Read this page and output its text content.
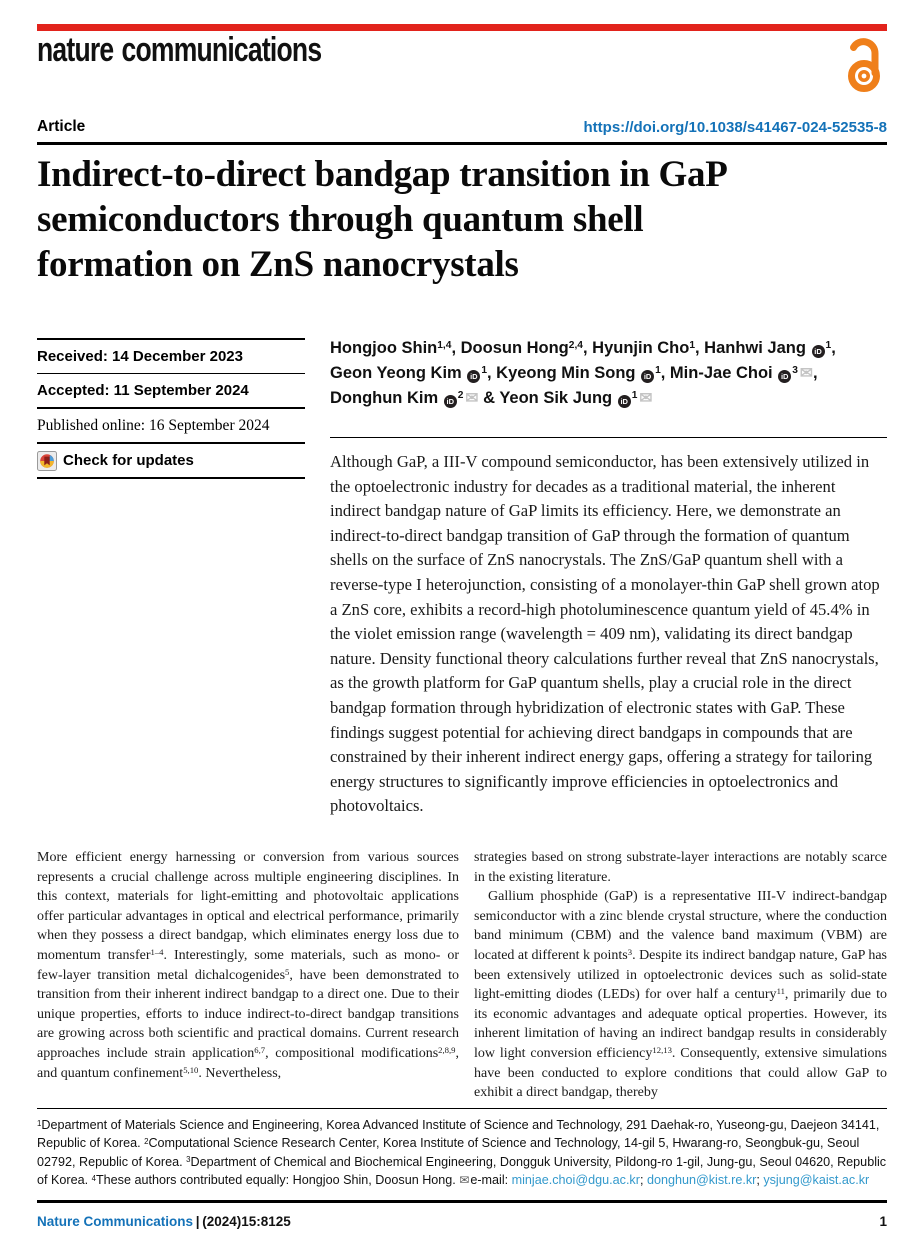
nature communications
Article	https://doi.org/10.1038/s41467-024-52535-8
Indirect-to-direct bandgap transition in GaP
semiconductors through quantum shell
formation on ZnS nanocrystals
Received: 14 December 2023
Accepted: 11 September 2024
Published online: 16 September 2024
Check for updates
Hongjoo Shin$^{1,4}$, Doosun Hong$^{2,4}$, Hyunjin Cho$^1$, Hanhwi Jang $iD^1$,
Geon Yeong Kim $iD^1$, Kyeong Min Song $iD^1$, Min-Jae Choi $iD^3$ ✉,
Donghun Kim $iD^2$ ✉ & Yeon Sik Jung $iD^1$ ✉
Although GaP, a III-V compound semiconductor, has been extensively utilized in the optoelectronic industry for decades as a traditional material, the inherent indirect bandgap nature of GaP limits its efficiency. Here, we demonstrate an indirect-to-direct bandgap transition of GaP through the formation of quantum shells on the surface of ZnS nanocrystals. The ZnS/GaP quantum shell with a reverse-type I heterojunction, consisting of a monolayer-thin GaP shell grown atop a ZnS core, exhibits a record-high photoluminescence quantum yield of 45.4% in the violet emission range (wavelength = 409 nm), validating its direct bandgap nature. Density functional theory calculations further reveal that ZnS nanocrystals, as the growth platform for GaP quantum shells, play a crucial role in the direct bandgap formation through hybridization of electronic states with GaP. These findings suggest potential for achieving direct bandgaps in compounds that are constrained by their inherent indirect energy gaps, offering a strategy for tailoring energy structures to significantly improve efficiencies in optoelectronics and photovoltaics.

More efficient energy harnessing or conversion from various sources represents a crucial challenge across multiple engineering disciplines. In this context, materials for light-emitting and photovoltaic applications offer particular advantages in optical and electrical performance, primarily when they possess a direct bandgap, which eliminates energy loss due to momentum transfer$^{1-4}$. Interestingly, some materials, such as mono- or few-layer transition metal dichalcogenides$^5$, have been demonstrated to transition from their inherent indirect bandgap to a direct one. Due to their unique properties, efforts to induce indirect-to-direct bandgap transitions are growing across both scientific and practical domains. Current research approaches include strain application$^{6,7}$, compositional modifications$^{2,8,9}$, and quantum confinement$^{5,10}$. Nevertheless,

strategies based on strong substrate-layer interactions are notably scarce in the existing literature.

Gallium phosphide (GaP) is a representative III-V indirect-bandgap semiconductor with a zinc blende crystal structure, where the conduction band minimum (CBM) and the valence band maximum (VBM) are located at different k points$^3$. Despite its indirect bandgap nature, GaP has been extensively utilized in optoelectronic devices such as solid-state light-emitting diodes (LEDs) for over half a century$^{11}$, primarily due to its economic advantages and adequate optical properties. However, its inherent limitation of having an indirect bandgap results in considerably low light conversion efficiency$^{12,13}$. Consequently, extensive simulations have been conducted to explore conditions that could allow GaP to exhibit a direct bandgap, thereby

$^1$Department of Materials Science and Engineering, Korea Advanced Institute of Science and Technology, 291 Daehak-ro, Yuseong-gu, Daejeon 34141, Republic of Korea. $^2$Computational Science Research Center, Korea Institute of Science and Technology, 14-gil 5, Hwarang-ro, Seongbuk-gu, Seoul 02792, Republic of Korea. $^3$Department of Chemical and Biochemical Engineering, Dongguk University, Pildong-ro 1-gil, Jung-gu, Seoul 04620, Republic of Korea. $^4$These authors contributed equally: Hongjoo Shin, Doosun Hong. ✉e-mail: minjae.choi@dgu.ac.kr; donghun@kist.re.kr; ysjung@kaist.ac.kr
Nature Communications | (2024)15:8125	1
